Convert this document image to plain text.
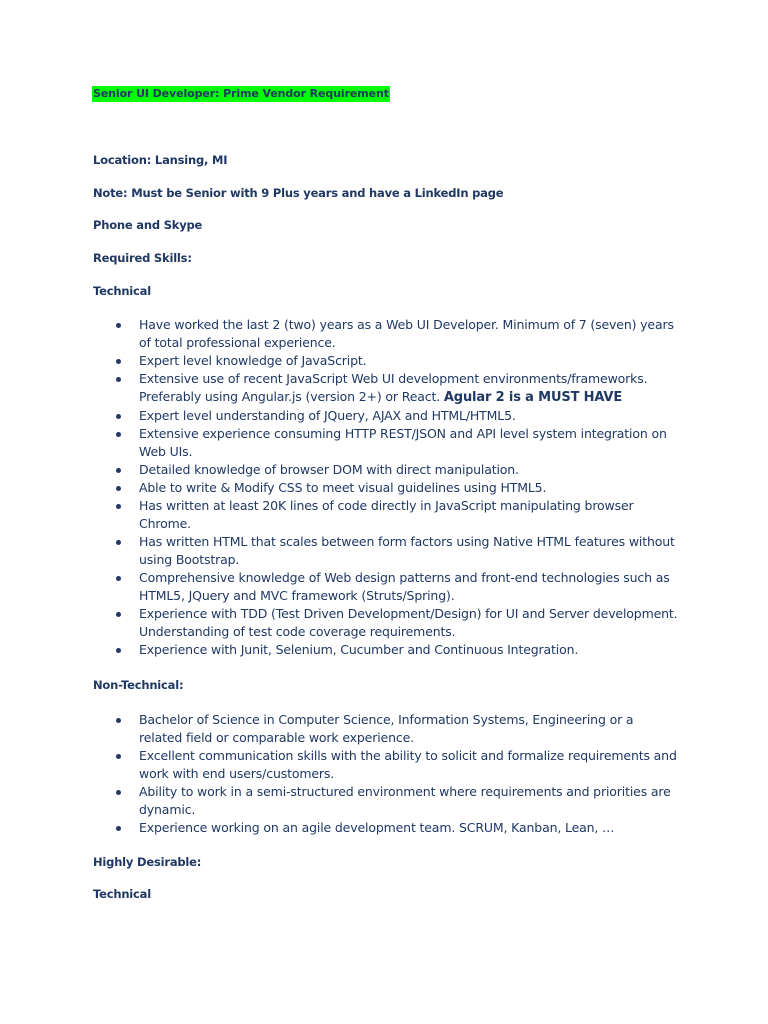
Senior UI Developer: Prime Vendor Requirement
Location: Lansing, MI
Note: Must be Senior with 9 Plus years and have a LinkedIn page
Phone and Skype
Required Skills:
Technical
Have worked the last 2 (two) years as a Web UI Developer. Minimum of 7 (seven) years of total professional experience.
Expert level knowledge of JavaScript.
Extensive use of recent JavaScript Web UI development environments/frameworks. Preferably using Angular.js (version 2+) or React. Agular 2 is a MUST HAVE
Expert level understanding of JQuery, AJAX and HTML/HTML5.
Extensive experience consuming HTTP REST/JSON and API level system integration on Web UIs.
Detailed knowledge of browser DOM with direct manipulation.
Able to write & Modify CSS to meet visual guidelines using HTML5.
Has written at least 20K lines of code directly in JavaScript manipulating browser Chrome.
Has written HTML that scales between form factors using Native HTML features without using Bootstrap.
Comprehensive knowledge of Web design patterns and front-end technologies such as HTML5, JQuery and MVC framework (Struts/Spring).
Experience with TDD (Test Driven Development/Design) for UI and Server development. Understanding of test code coverage requirements.
Experience with Junit, Selenium, Cucumber and Continuous Integration.
Non-Technical:
Bachelor of Science in Computer Science, Information Systems, Engineering or a related field or comparable work experience.
Excellent communication skills with the ability to solicit and formalize requirements and work with end users/customers.
Ability to work in a semi-structured environment where requirements and priorities are dynamic.
Experience working on an agile development team. SCRUM, Kanban, Lean, …
Highly Desirable:
Technical
